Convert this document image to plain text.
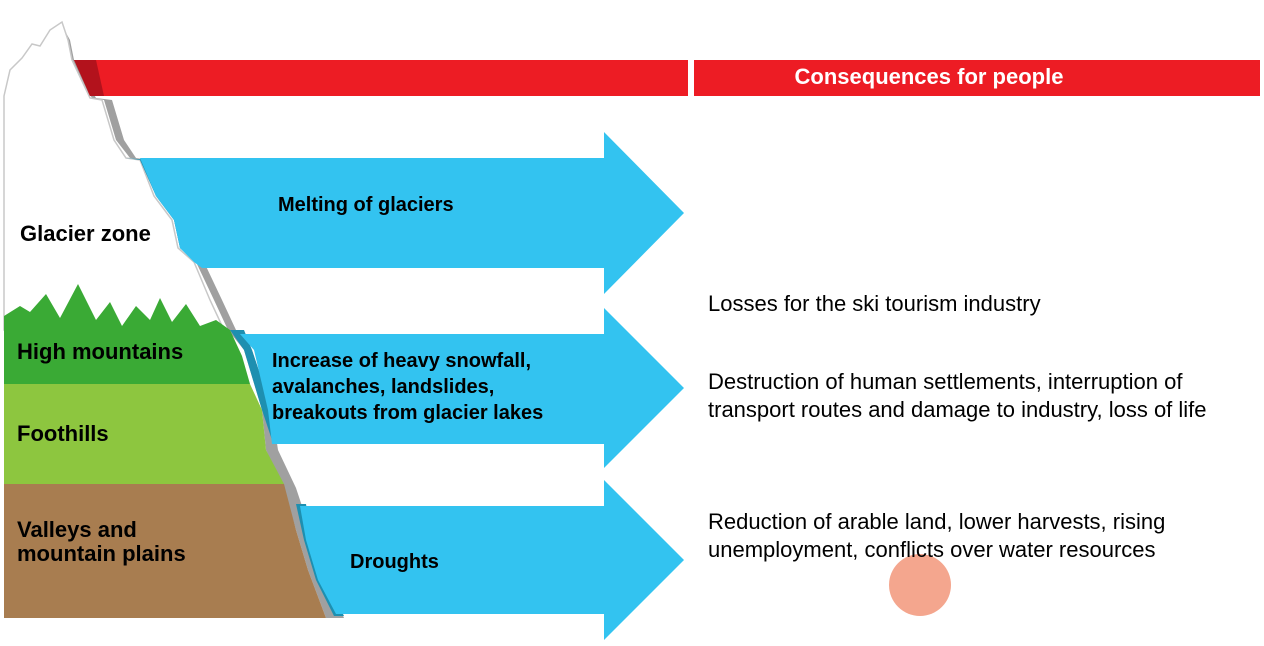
Consequences for people
Glacier zone
High mountains
Foothills
Valleys and mountain plains
Melting of glaciers
Increase of heavy snowfall, avalanches, landslides, breakouts from glacier lakes
Droughts
Losses for the ski tourism industry
Destruction of human settlements, interruption of transport routes and damage to industry, loss of life
Reduction of arable land, lower harvests, rising unemployment, conflicts over water resources
